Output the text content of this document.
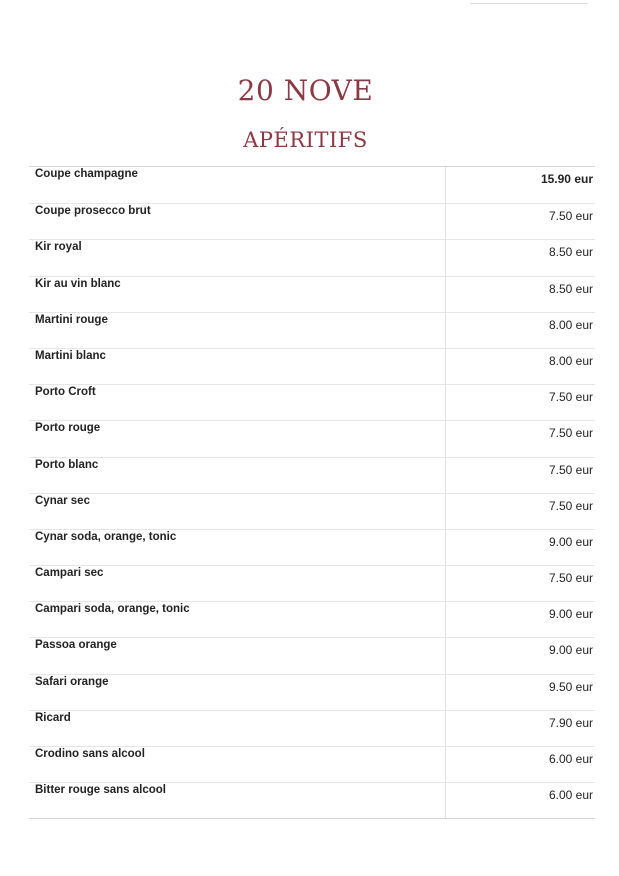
20 NOVE
APÉRITIFS
Coupe champagne	15.90 eur
Coupe prosecco brut	7.50 eur
Kir royal	8.50 eur
Kir au vin blanc	8.50 eur
Martini rouge	8.00 eur
Martini blanc	8.00 eur
Porto Croft	7.50 eur
Porto rouge	7.50 eur
Porto blanc	7.50 eur
Cynar sec	7.50 eur
Cynar soda, orange, tonic	9.00 eur
Campari sec	7.50 eur
Campari soda, orange, tonic	9.00 eur
Passoa orange	9.00 eur
Safari orange	9.50 eur
Ricard	7.90 eur
Crodino sans alcool	6.00 eur
Bitter rouge sans alcool	6.00 eur
